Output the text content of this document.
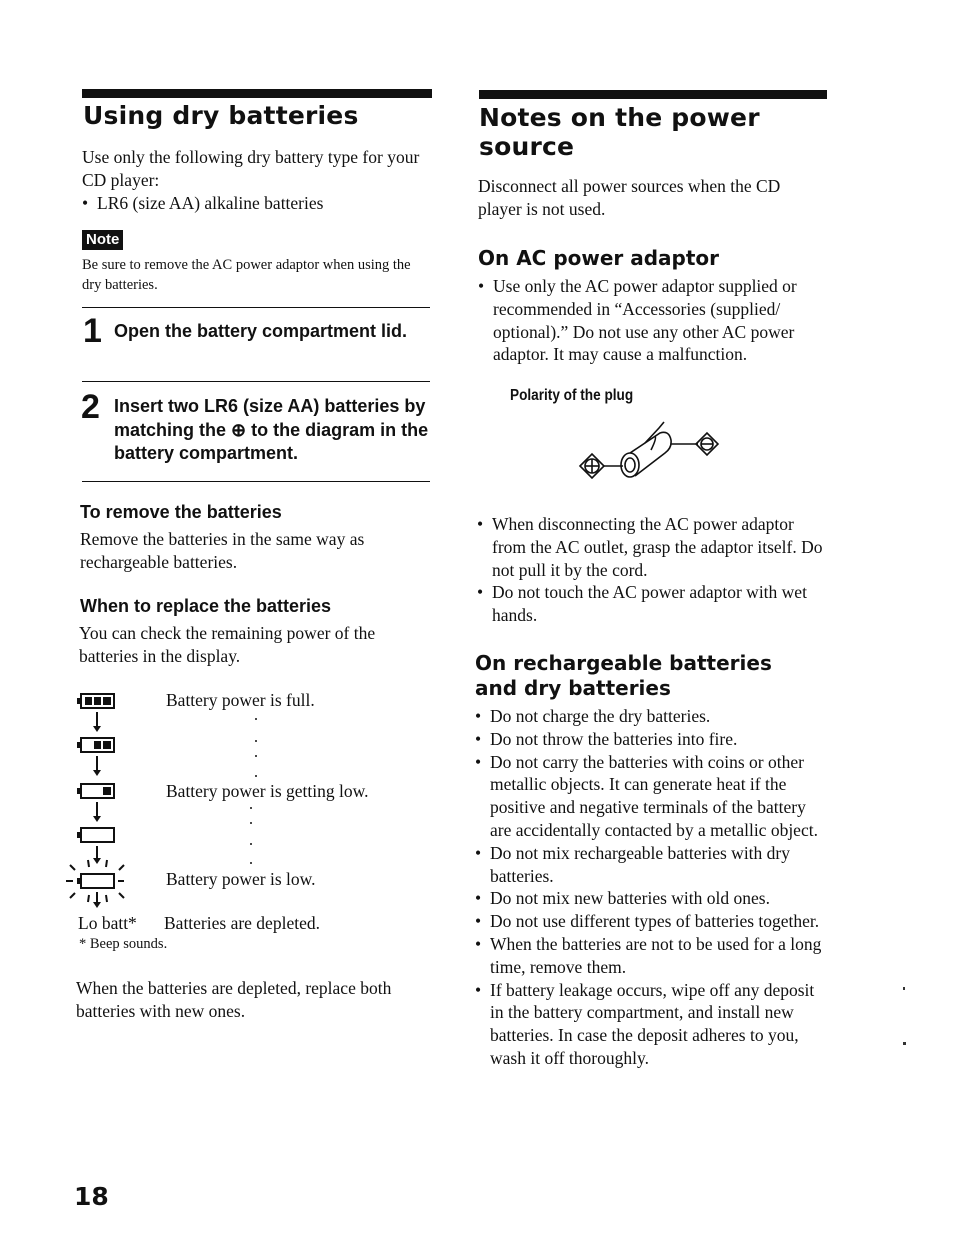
Using dry batteries
Use only the following dry battery type for your CD player:
• LR6 (size AA) alkaline batteries
Note
Be sure to remove the AC power adaptor when using the dry batteries.
1 Open the battery compartment lid.
2 Insert two LR6 (size AA) batteries by matching the ⊕ to the diagram in the battery compartment.
To remove the batteries
Remove the batteries in the same way as rechargeable batteries.
When to replace the batteries
You can check the remaining power of the batteries in the display.
Battery power is full.
Battery power is getting low.
Battery power is low.
Lo batt* Batteries are depleted.
* Beep sounds.
When the batteries are depleted, replace both batteries with new ones.
Notes on the power source
Disconnect all power sources when the CD player is not used.
On AC power adaptor
• Use only the AC power adaptor supplied or recommended in “Accessories (supplied/ optional).” Do not use any other AC power adaptor. It may cause a malfunction.
Polarity of the plug
• When disconnecting the AC power adaptor from the AC outlet, grasp the adaptor itself. Do not pull it by the cord.
• Do not touch the AC power adaptor with wet hands.
On rechargeable batteries and dry batteries
• Do not charge the dry batteries.
• Do not throw the batteries into fire.
• Do not carry the batteries with coins or other metallic objects. It can generate heat if the positive and negative terminals of the battery are accidentally contacted by a metallic object.
• Do not mix rechargeable batteries with dry batteries.
• Do not mix new batteries with old ones.
• Do not use different types of batteries together.
• When the batteries are not to be used for a long time, remove them.
• If battery leakage occurs, wipe off any deposit in the battery compartment, and install new batteries. In case the deposit adheres to you, wash it off thoroughly.
18
